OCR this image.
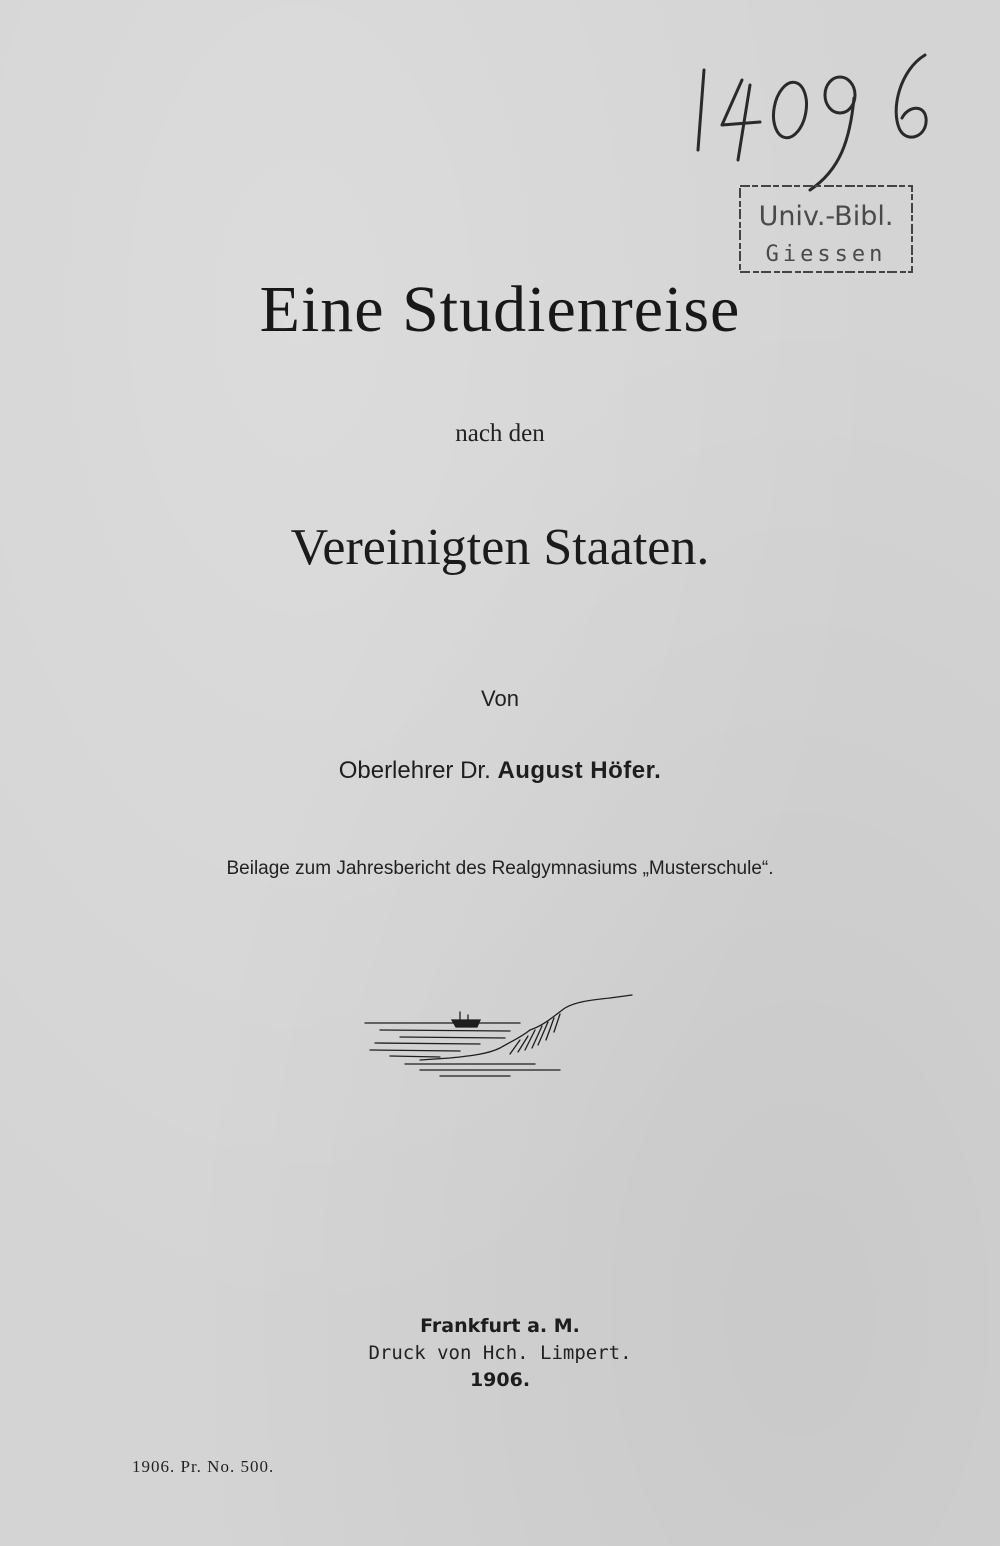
Univ.-Bibl.
Giessen
Eine Studienreise
nach den
Vereinigten Staaten.
Von
Oberlehrer Dr. August Höfer.
Beilage zum Jahresbericht des Realgymnasiums „Musterschule“.
Frankfurt a. M.
Druck von Hch. Limpert.
1906.
1906. Pr. No. 500.
